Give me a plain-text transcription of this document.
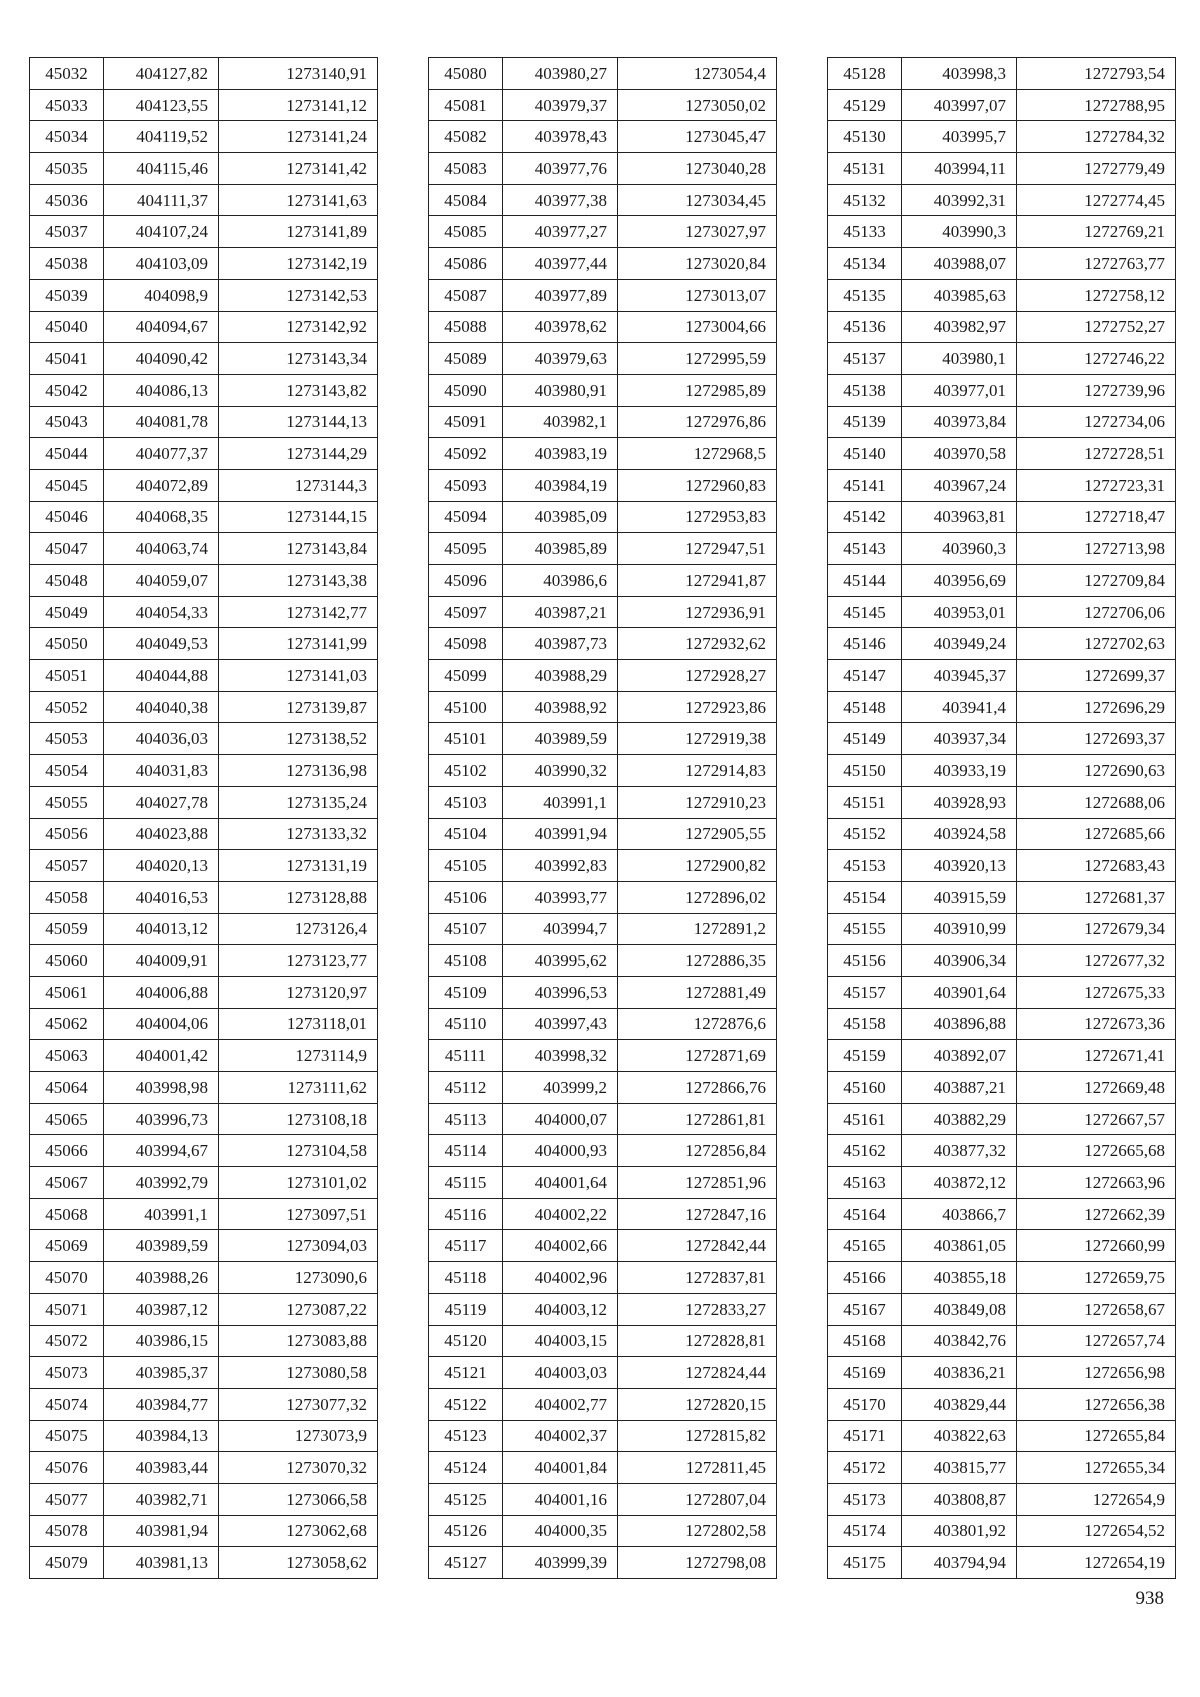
45032	404127,82	1273140,91
45033	404123,55	1273141,12
45034	404119,52	1273141,24
45035	404115,46	1273141,42
45036	404111,37	1273141,63
45037	404107,24	1273141,89
45038	404103,09	1273142,19
45039	404098,9	1273142,53
45040	404094,67	1273142,92
45041	404090,42	1273143,34
45042	404086,13	1273143,82
45043	404081,78	1273144,13
45044	404077,37	1273144,29
45045	404072,89	1273144,3
45046	404068,35	1273144,15
45047	404063,74	1273143,84
45048	404059,07	1273143,38
45049	404054,33	1273142,77
45050	404049,53	1273141,99
45051	404044,88	1273141,03
45052	404040,38	1273139,87
45053	404036,03	1273138,52
45054	404031,83	1273136,98
45055	404027,78	1273135,24
45056	404023,88	1273133,32
45057	404020,13	1273131,19
45058	404016,53	1273128,88
45059	404013,12	1273126,4
45060	404009,91	1273123,77
45061	404006,88	1273120,97
45062	404004,06	1273118,01
45063	404001,42	1273114,9
45064	403998,98	1273111,62
45065	403996,73	1273108,18
45066	403994,67	1273104,58
45067	403992,79	1273101,02
45068	403991,1	1273097,51
45069	403989,59	1273094,03
45070	403988,26	1273090,6
45071	403987,12	1273087,22
45072	403986,15	1273083,88
45073	403985,37	1273080,58
45074	403984,77	1273077,32
45075	403984,13	1273073,9
45076	403983,44	1273070,32
45077	403982,71	1273066,58
45078	403981,94	1273062,68
45079	403981,13	1273058,62
45080	403980,27	1273054,4
45081	403979,37	1273050,02
45082	403978,43	1273045,47
45083	403977,76	1273040,28
45084	403977,38	1273034,45
45085	403977,27	1273027,97
45086	403977,44	1273020,84
45087	403977,89	1273013,07
45088	403978,62	1273004,66
45089	403979,63	1272995,59
45090	403980,91	1272985,89
45091	403982,1	1272976,86
45092	403983,19	1272968,5
45093	403984,19	1272960,83
45094	403985,09	1272953,83
45095	403985,89	1272947,51
45096	403986,6	1272941,87
45097	403987,21	1272936,91
45098	403987,73	1272932,62
45099	403988,29	1272928,27
45100	403988,92	1272923,86
45101	403989,59	1272919,38
45102	403990,32	1272914,83
45103	403991,1	1272910,23
45104	403991,94	1272905,55
45105	403992,83	1272900,82
45106	403993,77	1272896,02
45107	403994,7	1272891,2
45108	403995,62	1272886,35
45109	403996,53	1272881,49
45110	403997,43	1272876,6
45111	403998,32	1272871,69
45112	403999,2	1272866,76
45113	404000,07	1272861,81
45114	404000,93	1272856,84
45115	404001,64	1272851,96
45116	404002,22	1272847,16
45117	404002,66	1272842,44
45118	404002,96	1272837,81
45119	404003,12	1272833,27
45120	404003,15	1272828,81
45121	404003,03	1272824,44
45122	404002,77	1272820,15
45123	404002,37	1272815,82
45124	404001,84	1272811,45
45125	404001,16	1272807,04
45126	404000,35	1272802,58
45127	403999,39	1272798,08
45128	403998,3	1272793,54
45129	403997,07	1272788,95
45130	403995,7	1272784,32
45131	403994,11	1272779,49
45132	403992,31	1272774,45
45133	403990,3	1272769,21
45134	403988,07	1272763,77
45135	403985,63	1272758,12
45136	403982,97	1272752,27
45137	403980,1	1272746,22
45138	403977,01	1272739,96
45139	403973,84	1272734,06
45140	403970,58	1272728,51
45141	403967,24	1272723,31
45142	403963,81	1272718,47
45143	403960,3	1272713,98
45144	403956,69	1272709,84
45145	403953,01	1272706,06
45146	403949,24	1272702,63
45147	403945,37	1272699,37
45148	403941,4	1272696,29
45149	403937,34	1272693,37
45150	403933,19	1272690,63
45151	403928,93	1272688,06
45152	403924,58	1272685,66
45153	403920,13	1272683,43
45154	403915,59	1272681,37
45155	403910,99	1272679,34
45156	403906,34	1272677,32
45157	403901,64	1272675,33
45158	403896,88	1272673,36
45159	403892,07	1272671,41
45160	403887,21	1272669,48
45161	403882,29	1272667,57
45162	403877,32	1272665,68
45163	403872,12	1272663,96
45164	403866,7	1272662,39
45165	403861,05	1272660,99
45166	403855,18	1272659,75
45167	403849,08	1272658,67
45168	403842,76	1272657,74
45169	403836,21	1272656,98
45170	403829,44	1272656,38
45171	403822,63	1272655,84
45172	403815,77	1272655,34
45173	403808,87	1272654,9
45174	403801,92	1272654,52
45175	403794,94	1272654,19
938
